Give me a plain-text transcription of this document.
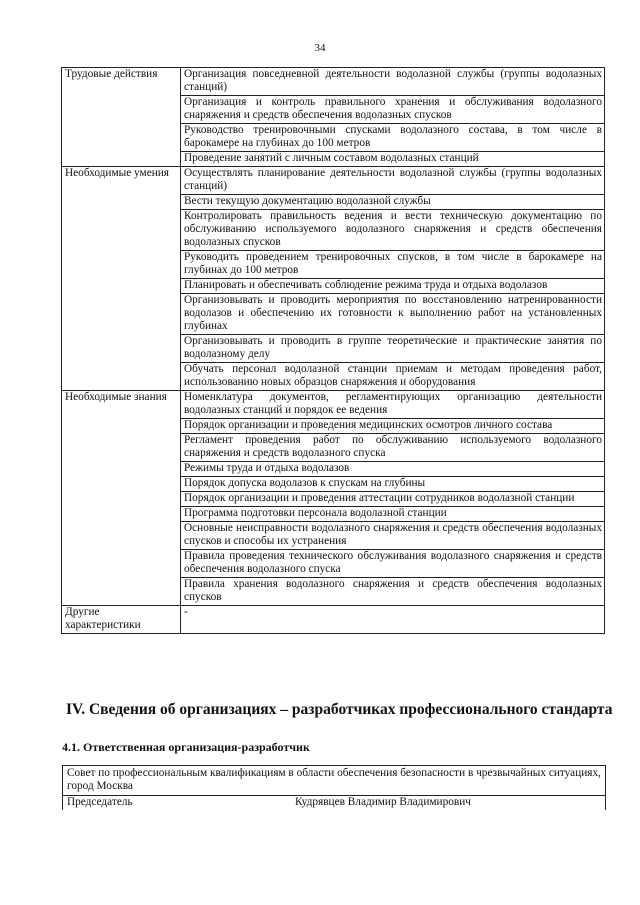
34
Трудовые действия	Организация повседневной деятельности водолазной службы (группы водолазных станций)
	Организация и контроль правильного хранения и обслуживания водолазного снаряжения и средств обеспечения водолазных спусков
	Руководство тренировочными спусками водолазного состава, в том числе в барокамере на глубинах до 100 метров
	Проведение занятий с личным составом водолазных станций
Необходимые умения	Осуществлять планирование деятельности водолазной службы (группы водолазных станций)
	Вести текущую документацию водолазной службы
	Контролировать правильность ведения и вести техническую документацию по обслуживанию используемого водолазного снаряжения и средств обеспечения водолазных спусков
	Руководить проведением тренировочных спусков, в том числе в барокамере на глубинах до 100 метров
	Планировать и обеспечивать соблюдение режима труда и отдыха водолазов
	Организовывать и проводить мероприятия по восстановлению натренированности водолазов и обеспечению их готовности к выполнению работ на установленных глубинах
	Организовывать и проводить в группе теоретические и практические занятия по водолазному делу
	Обучать персонал водолазной станции приемам и методам проведения работ, использованию новых образцов снаряжения и оборудования
Необходимые знания	Номенклатура документов, регламентирующих организацию деятельности водолазных станций и порядок ее ведения
	Порядок организации и проведения медицинских осмотров личного состава
	Регламент проведения работ по обслуживанию используемого водолазного снаряжения и средств водолазного спуска
	Режимы труда и отдыха водолазов
	Порядок допуска водолазов к спускам на глубины
	Порядок организации и проведения аттестации сотрудников водолазной станции
	Программа подготовки персонала водолазной станции
	Основные неисправности водолазного снаряжения и средств обеспечения водолазных спусков и способы их устранения
	Правила проведения технического обслуживания водолазного снаряжения и средств обеспечения водолазного спуска
	Правила хранения водолазного снаряжения и средств обеспечения водолазных спусков
Другие характеристики	-
IV. Сведения об организациях – разработчиках профессионального стандарта
4.1. Ответственная организация-разработчик
Совет по профессиональным квалификациям в области обеспечения безопасности в чрезвычайных ситуациях, город Москва
Председатель	Кудрявцев Владимир Владимирович
